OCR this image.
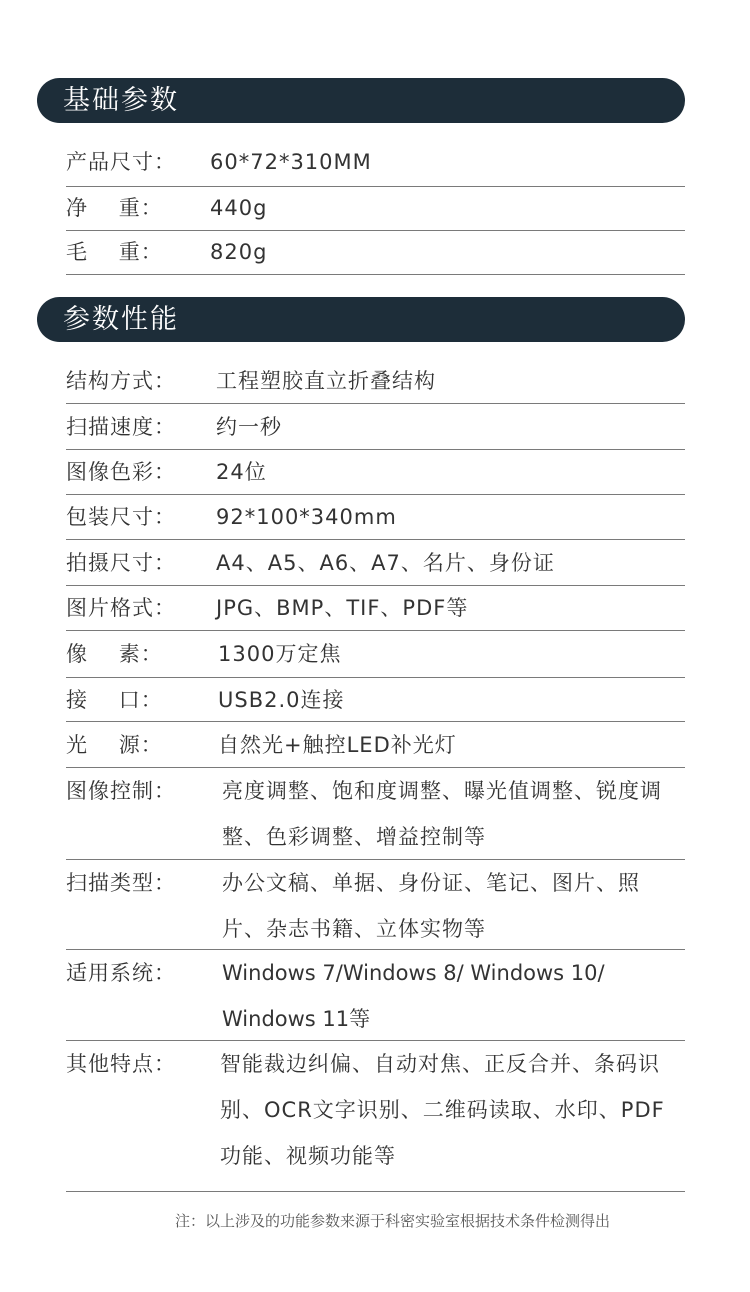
基础参数
产品尺寸： 60*72*310MM
净    重： 440g
毛    重： 820g
参数性能
结构方式： 工程塑胶直立折叠结构
扫描速度： 约一秒
图像色彩： 24位
包装尺寸： 92*100*340mm
拍摄尺寸： A4、A5、A6、A7、名片、身份证
图片格式： JPG、BMP、TIF、PDF等
像    素：	1300万定焦
接    口：	USB2.0连接
光    源：	自然光+触控LED补光灯
图像控制： 亮度调整、饱和度调整、曝光值调整、锐度调整、色彩调整、增益控制等
扫描类型： 办公文稿、单据、身份证、笔记、图片、照片、杂志书籍、立体实物等
适用系统： Windows 7/Windows 8/ Windows 10/ Windows 11等
其他特点： 智能裁边纠偏、自动对焦、正反合并、条码识别、OCR文字识别、二维码读取、水印、PDF功能、视频功能等
注：以上涉及的功能参数来源于科密实验室根据技术条件检测得出
